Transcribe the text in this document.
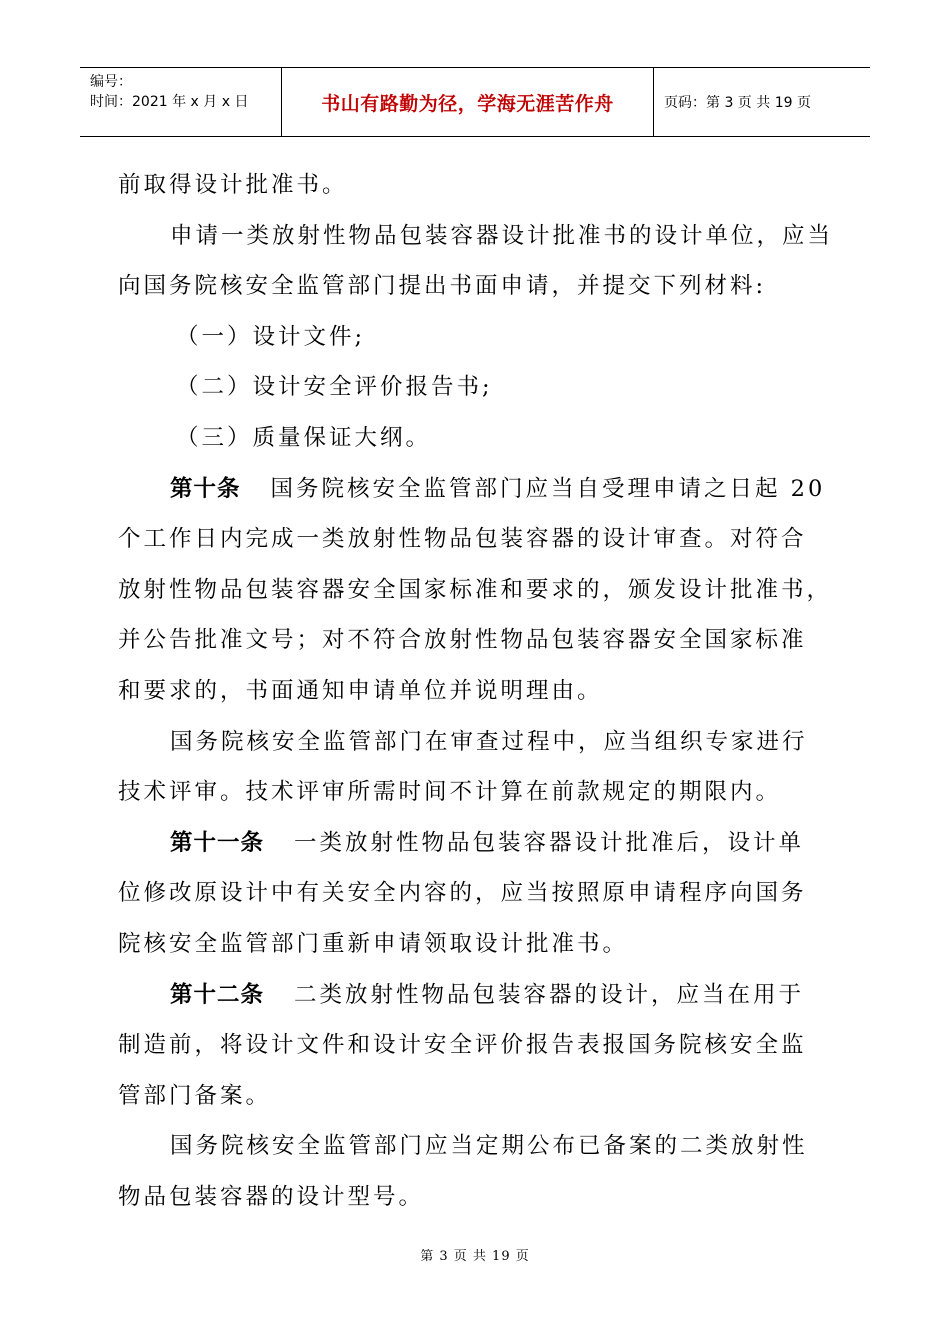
编号：
时间：2021 年 x 月 x 日	书山有路勤为径，学海无涯苦作舟	页码：第 3 页 共 19 页
前取得设计批准书。
申请一类放射性物品包装容器设计批准书的设计单位，应当
向国务院核安全监管部门提出书面申请，并提交下列材料:
（一）设计文件;
（二）设计安全评价报告书;
（三）质量保证大纲。
第十条 国务院核安全监管部门应当自受理申请之日起 20
个工作日内完成一类放射性物品包装容器的设计审查。对符合
放射性物品包装容器安全国家标准和要求的，颁发设计批准书，
并公告批准文号；对不符合放射性物品包装容器安全国家标准
和要求的，书面通知申请单位并说明理由。
国务院核安全监管部门在审查过程中，应当组织专家进行
技术评审。技术评审所需时间不计算在前款规定的期限内。
第十一条 一类放射性物品包装容器设计批准后，设计单
位修改原设计中有关安全内容的，应当按照原申请程序向国务
院核安全监管部门重新申请领取设计批准书。
第十二条 二类放射性物品包装容器的设计，应当在用于
制造前，将设计文件和设计安全评价报告表报国务院核安全监
管部门备案。
国务院核安全监管部门应当定期公布已备案的二类放射性
物品包装容器的设计型号。
第 3 页 共 19 页
